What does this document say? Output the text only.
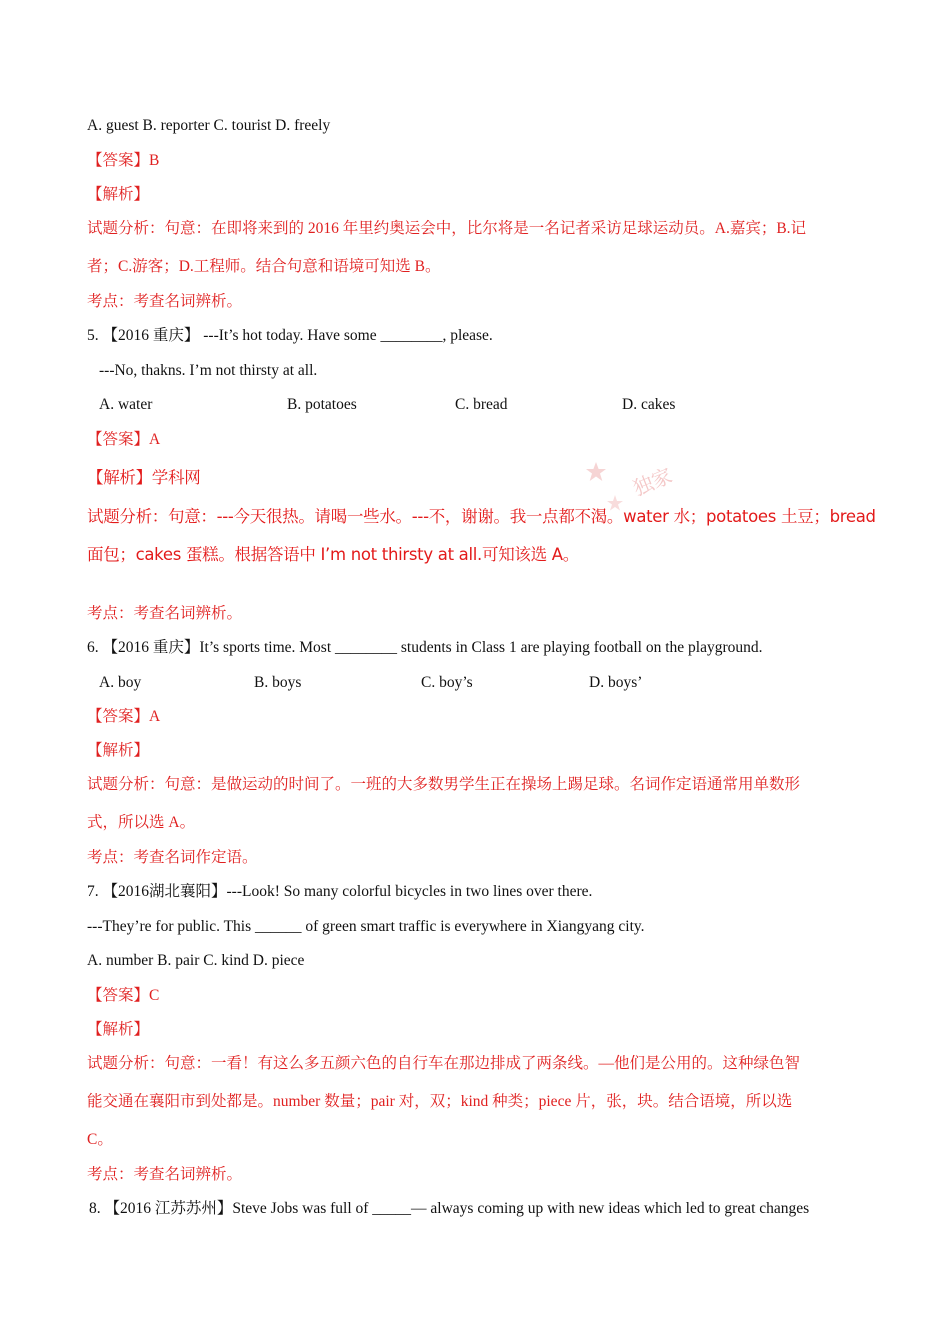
A. guest B. reporter C. tourist D. freely
【答案】B
【解析】
试题分析：句意：在即将来到的 2016 年里约奥运会中，比尔将是一名记者采访足球运动员。A.嘉宾；B.记
者；C.游客；D.工程师。结合句意和语境可知选 B。
考点：考查名词辨析。
5. 【2016 重庆】 ---It’s hot today. Have some ________, please.
---No, thakns. I’m not thirsty at all.
A. water	B. potatoes	C. bread	D. cakes
【答案】A
独家
【解析】学科网
试题分析：句意：---今天很热。请喝一些水。---不，谢谢。我一点都不渴。water 水；potatoes 土豆；bread
面包；cakes 蛋糕。根据答语中 I’m not thirsty at all.可知该选 A。
考点：考查名词辨析。
6. 【2016 重庆】It’s sports time. Most ________ students in Class 1 are playing football on the playground.
A. boy	B. boys	C. boy’s	D. boys’
【答案】A
【解析】
试题分析：句意：是做运动的时间了。一班的大多数男学生正在操场上踢足球。名词作定语通常用单数形
式，所以选 A。
考点：考查名词作定语。
7. 【2016湖北襄阳】---Look! So many colorful bicycles in two lines over there.
---They’re for public. This ______ of green smart traffic is everywhere in Xiangyang city.
A. number B. pair C. kind D. piece
【答案】C
【解析】
试题分析：句意：一看！有这么多五颜六色的自行车在那边排成了两条线。—他们是公用的。这种绿色智
能交通在襄阳市到处都是。number 数量；pair 对，双；kind 种类；piece 片，张，块。结合语境，所以选
C。
考点：考查名词辨析。
8. 【2016 江苏苏州】Steve Jobs was full of _____— always coming up with new ideas which led to great changes
